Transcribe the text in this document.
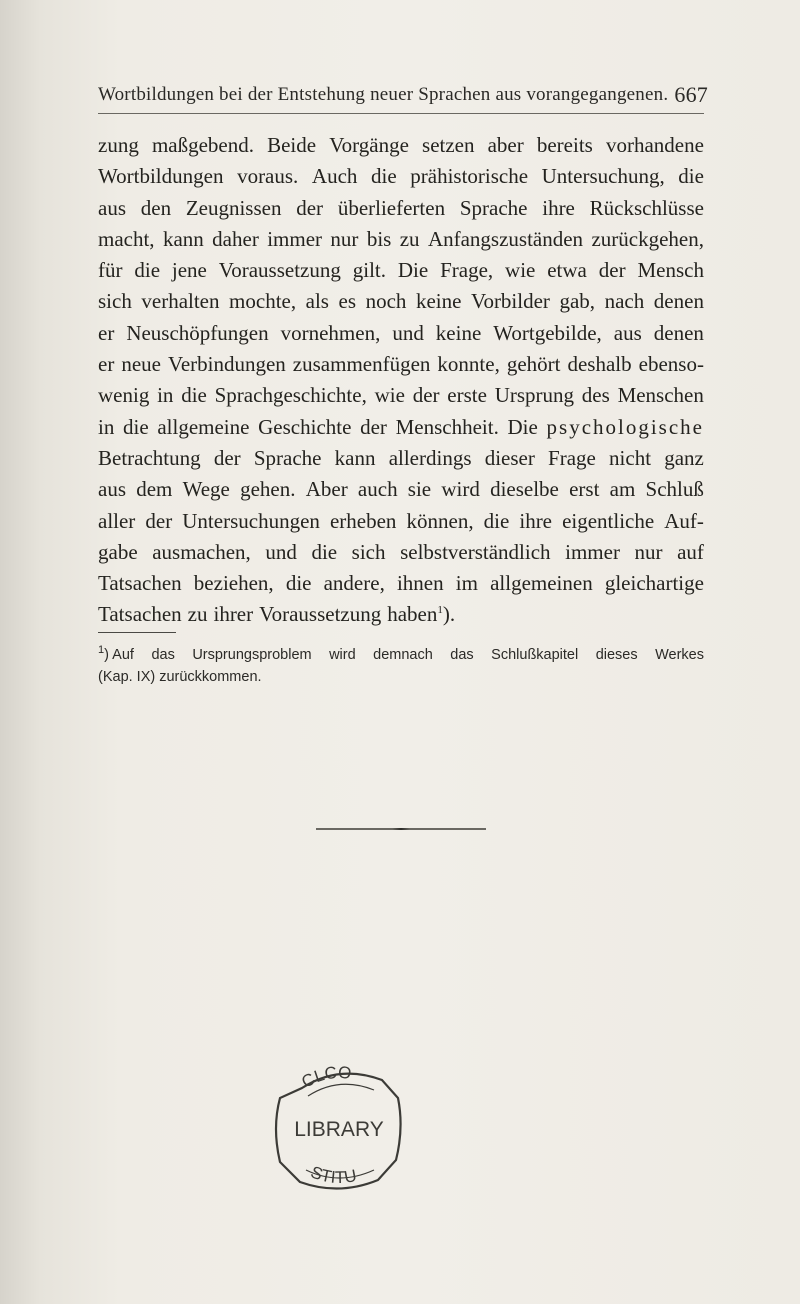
Wortbildungen bei der Entstehung neuer Sprachen aus vorangegangenen. 667
zung maßgebend. Beide Vorgänge setzen aber bereits vorhandene
Wortbildungen voraus. Auch die prähistorische Untersuchung, die
aus den Zeugnissen der überlieferten Sprache ihre Rückschlüsse
macht, kann daher immer nur bis zu Anfangszuständen zurückgehen,
für die jene Voraussetzung gilt. Die Frage, wie etwa der Mensch
sich verhalten mochte, als es noch keine Vorbilder gab, nach denen
er Neuschöpfungen vornehmen, und keine Wortgebilde, aus denen
er neue Verbindungen zusammenfügen konnte, gehört deshalb ebenso-
wenig in die Sprachgeschichte, wie der erste Ursprung des Menschen
in die allgemeine Geschichte der Menschheit. Die psychologische
Betrachtung der Sprache kann allerdings dieser Frage nicht ganz
aus dem Wege gehen. Aber auch sie wird dieselbe erst am Schluß
aller der Untersuchungen erheben können, die ihre eigentliche Auf-
gabe ausmachen, und die sich selbstverständlich immer nur auf
Tatsachen beziehen, die andere, ihnen im allgemeinen gleichartige
Tatsachen zu ihrer Voraussetzung haben$^1$).
$^1$) Auf das Ursprungsproblem wird demnach das Schlußkapitel dieses Werkes
(Kap. IX) zurückkommen.
CLCO
LIBRARY
STITU
